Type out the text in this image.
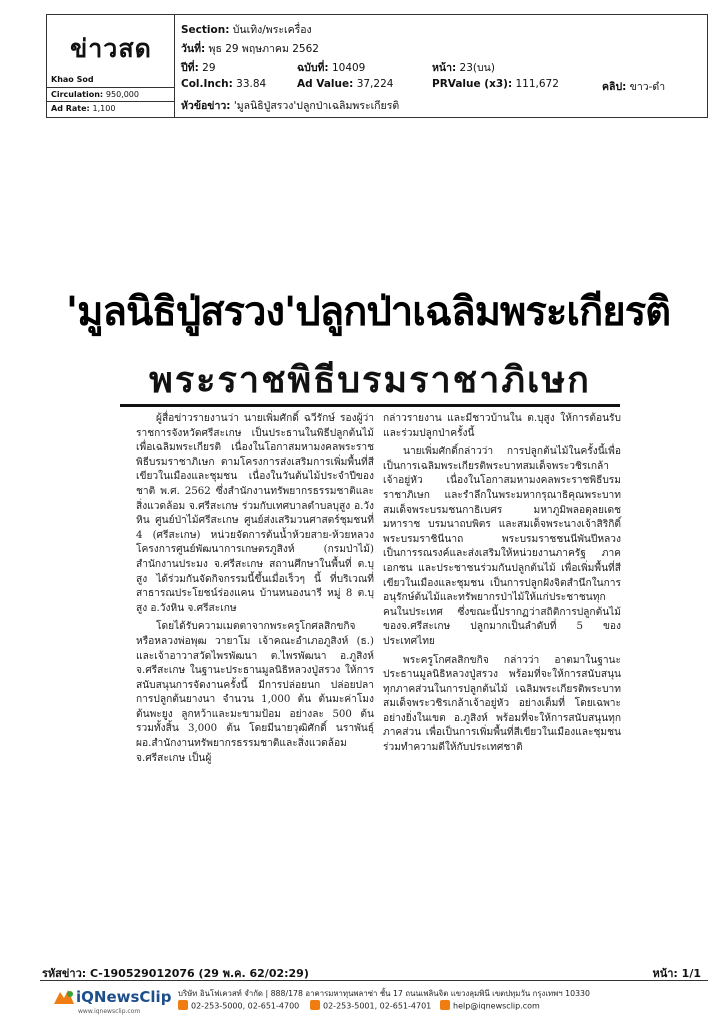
ข่าวสด
Khao Sod
Circulation: 950,000
Ad Rate: 1,100
Section: บันเทิง/พระเครื่อง
วันที่: พุธ 29 พฤษภาคม 2562
ปีที่: 29	ฉบับที่: 10409	หน้า: 23(บน)
Col.Inch: 33.84	Ad Value: 37,224	PRValue (x3): 111,672	คลิป: ขาว-ดำ
หัวข้อข่าว: 'มูลนิธิปู่สรวง'ปลูกป่าเฉลิมพระเกียรติ
'มูลนิธิปู่สรวง'ปลูกป่าเฉลิมพระเกียรติ
พระราชพิธีบรมราชาภิเษก

ผู้สื่อข่าวรายงานว่า นายเพิ่มศักดิ์ ฉวีรักษ์ รองผู้ว่าราชการจังหวัดศรีสะเกษ เป็นประธานในพิธีปลูกต้นไม้เพื่อเฉลิมพระเกียรติ เนื่องในโอกาสมหามงคลพระราชพิธีบรมราชาภิเษก ตามโครงการส่งเสริมการเพิ่มพื้นที่สีเขียวในเมืองและชุมชน เนื่องในวันต้นไม้ประจำปีของชาติ พ.ศ. 2562 ซึ่งสำนักงานทรัพยากรธรรมชาติและสิ่งแวดล้อม จ.ศรีสะเกษ ร่วมกับเทศบาลตำบลบุสูง อ.วังหิน ศูนย์ป่าไม้ศรีสะเกษ ศูนย์ส่งเสริมวนศาสตร์ชุมชนที่ 4 (ศรีสะเกษ) หน่วยจัดการต้นน้ำห้วยสาย-ห้วยหลวง โครงการศูนย์พัฒนาการเกษตรภูสิงห์ (กรมป่าไม้) สำนักงานประมง จ.ศรีสะเกษ สถานศึกษาในพื้นที่ ต.บุสูง ได้ร่วมกันจัดกิจกรรมนี้ขึ้นเมื่อเร็วๆ นี้ ที่บริเวณที่สาธารณประโยชน์ร่องแคน บ้านหนองนารี หมู่ 8 ต.บุสูง อ.วังหิน จ.ศรีสะเกษ

โดยได้รับความเมตตาจากพระครูโกศลสิกขกิจ หรือหลวงพ่อพุฒ วายาโม เจ้าคณะอำเภอภูสิงห์ (ธ.) และเจ้าอาวาสวัดไพรพัฒนา ต.ไพรพัฒนา อ.ภูสิงห์ จ.ศรีสะเกษ ในฐานะประธานมูลนิธิหลวงปู่สรวง ให้การสนับสนุนการจัดงานครั้งนี้ มีการปล่อยนก ปล่อยปลา การปลูกต้นยางนา จำนวน 1,000 ต้น ต้นมะค่าโมง ต้นพะยูง ลูกหว้าและมะขามป้อม อย่างละ 500 ต้น รวมทั้งสิ้น 3,000 ต้น โดยมีนายวุฒิศักดิ์ นราพันธุ์ ผอ.สำนักงานทรัพยากรธรรมชาติและสิ่งแวดล้อม จ.ศรีสะเกษ เป็นผู้

กล่าวรายงาน และมีชาวบ้านใน ต.บุสูง ให้การต้อนรับและร่วมปลูกป่าครั้งนี้

นายเพิ่มศักดิ์กล่าวว่า การปลูกต้นไม้ในครั้งนี้เพื่อเป็นการเฉลิมพระเกียรติพระบาทสมเด็จพระวชิรเกล้าเจ้าอยู่หัว เนื่องในโอกาสมหามงคลพระราชพิธีบรมราชาภิเษก และรำลึกในพระมหากรุณาธิคุณพระบาทสมเด็จพระบรมชนกาธิเบศร มหาภูมิพลอดุลยเดชมหาราช บรมนาถบพิตร และสมเด็จพระนางเจ้าสิริกิติ์ พระบรมราชินีนาถ พระบรมราชชนนีพันปีหลวง เป็นการรณรงค์และส่งเสริมให้หน่วยงานภาครัฐ ภาคเอกชน และประชาชนร่วมกันปลูกต้นไม้ เพื่อเพิ่มพื้นที่สีเขียวในเมืองและชุมชน เป็นการปลูกฝังจิตสำนึกในการอนุรักษ์ต้นไม้และทรัพยากรป่าไม้ให้แก่ประชาชนทุกคนในประเทศ ซึ่งขณะนี้ปรากฏว่าสถิติการปลูกต้นไม้ของจ.ศรีสะเกษ ปลูกมากเป็นลำดับที่ 5 ของประเทศไทย

พระครูโกศลสิกขกิจ กล่าวว่า อาตมาในฐานะประธานมูลนิธิหลวงปู่สรวง พร้อมที่จะให้การสนับสนุนทุกภาคส่วนในการปลูกต้นไม้ เฉลิมพระเกียรติพระบาทสมเด็จพระวชิรเกล้าเจ้าอยู่หัว อย่างเต็มที่ โดยเฉพาะอย่างยิ่งในเขต อ.ภูสิงห์ พร้อมที่จะให้การสนับสนุนทุกภาคส่วน เพื่อเป็นการเพิ่มพื้นที่สีเขียวในเมืองและชุมชน ร่วมทำความดีให้กับประเทศชาติ

รหัสข่าว: C-190529012076 (29 พ.ค. 62/02:29)	หน้า: 1/1
iQNewsClip
www.iqnewsclip.com
บริษัท อินโฟเควสท์ จำกัด | 888/178 อาคารมหาทุนพลาซ่า ชั้น 17 ถนนเพลินจิต แขวงลุมพินี เขตปทุมวัน กรุงเทพฯ 10330
02-253-5000, 02-651-4700	02-253-5001, 02-651-4701	help@iqnewsclip.com
